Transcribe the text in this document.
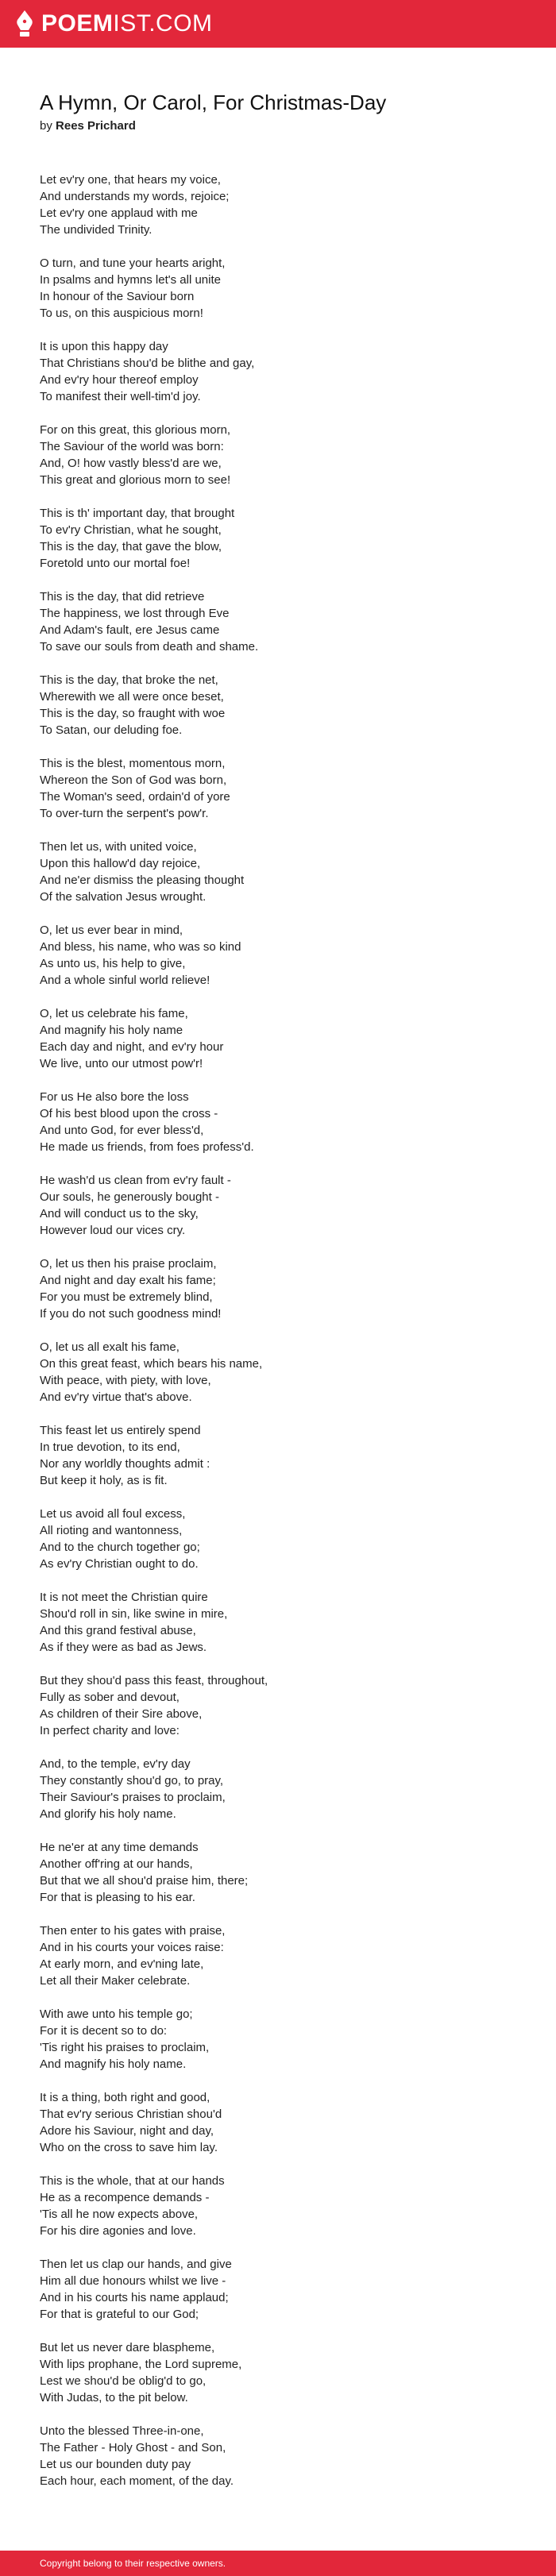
POEMIST.COM
A Hymn, Or Carol, For Christmas-Day
by Rees Prichard

Let ev'ry one, that hears my voice,
And understands my words, rejoice;
Let ev'ry one applaud with me
The undivided Trinity.

O turn, and tune your hearts aright,
In psalms and hymns let's all unite
In honour of the Saviour born
To us, on this auspicious morn!

It is upon this happy day
That Christians shou'd be blithe and gay,
And ev'ry hour thereof employ
To manifest their well-tim'd joy.

For on this great, this glorious morn,
The Saviour of the world was born:
And, O! how vastly bless'd are we,
This great and glorious morn to see!

This is th' important day, that brought
To ev'ry Christian, what he sought,
This is the day, that gave the blow,
Foretold unto our mortal foe!

This is the day, that did retrieve
The happiness, we lost through Eve
And Adam's fault, ere Jesus came
To save our souls from death and shame.

This is the day, that broke the net,
Wherewith we all were once beset,
This is the day, so fraught with woe
To Satan, our deluding foe.

This is the blest, momentous morn,
Whereon the Son of God was born,
The Woman's seed, ordain'd of yore
To over-turn the serpent's pow'r.

Then let us, with united voice,
Upon this hallow'd day rejoice,
And ne'er dismiss the pleasing thought
Of the salvation Jesus wrought.

O, let us ever bear in mind,
And bless, his name, who was so kind
As unto us, his help to give,
And a whole sinful world relieve!

O, let us celebrate his fame,
And magnify his holy name
Each day and night, and ev'ry hour
We live, unto our utmost pow'r!

For us He also bore the loss
Of his best blood upon the cross -
And unto God, for ever bless'd,
He made us friends, from foes profess'd.

He wash'd us clean from ev'ry fault -
Our souls, he generously bought -
And will conduct us to the sky,
However loud our vices cry.

O, let us then his praise proclaim,
And night and day exalt his fame;
For you must be extremely blind,
If you do not such goodness mind!

O, let us all exalt his fame,
On this great feast, which bears his name,
With peace, with piety, with love,
And ev'ry virtue that's above.

This feast let us entirely spend
In true devotion, to its end,
Nor any worldly thoughts admit :
But keep it holy, as is fit.

Let us avoid all foul excess,
All rioting and wantonness,
And to the church together go;
As ev'ry Christian ought to do.

It is not meet the Christian quire
Shou'd roll in sin, like swine in mire,
And this grand festival abuse,
As if they were as bad as Jews.

But they shou'd pass this feast, throughout,
Fully as sober and devout,
As children of their Sire above,
In perfect charity and love:

And, to the temple, ev'ry day
They constantly shou'd go, to pray,
Their Saviour's praises to proclaim,
And glorify his holy name.

He ne'er at any time demands
Another off'ring at our hands,
But that we all shou'd praise him, there;
For that is pleasing to his ear.

Then enter to his gates with praise,
And in his courts your voices raise:
At early morn, and ev'ning late,
Let all their Maker celebrate.

With awe unto his temple go;
For it is decent so to do:
'Tis right his praises to proclaim,
And magnify his holy name.

It is a thing, both right and good,
That ev'ry serious Christian shou'd
Adore his Saviour, night and day,
Who on the cross to save him lay.

This is the whole, that at our hands
He as a recompence demands -
'Tis all he now expects above,
For his dire agonies and love.

Then let us clap our hands, and give
Him all due honours whilst we live -
And in his courts his name applaud;
For that is grateful to our God;

But let us never dare blaspheme,
With lips prophane, the Lord supreme,
Lest we shou'd be oblig'd to go,
With Judas, to the pit below.

Unto the blessed Three-in-one,
The Father - Holy Ghost - and Son,
Let us our bounden duty pay
Each hour, each moment, of the day.

Copyright belong to their respective owners.
